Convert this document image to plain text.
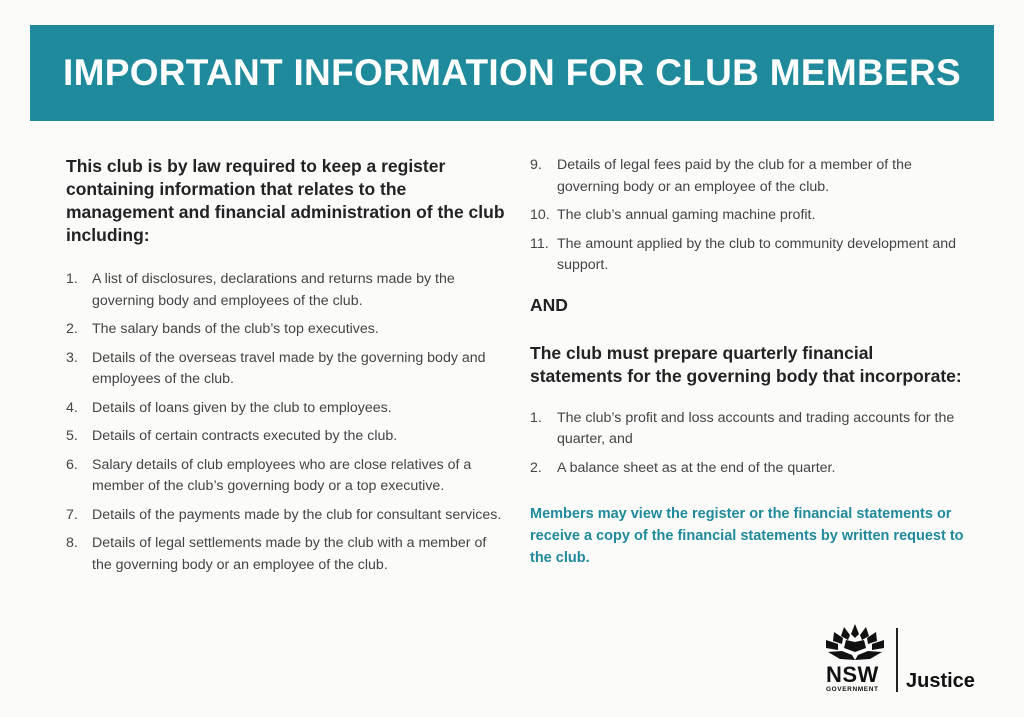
IMPORTANT INFORMATION FOR CLUB MEMBERS

This club is by law required to keep a register containing information that relates to the management and financial administration of the club including:

1. A list of disclosures, declarations and returns made by the governing body and employees of the club.
2. The salary bands of the club’s top executives.
3. Details of the overseas travel made by the governing body and employees of the club.
4. Details of loans given by the club to employees.
5. Details of certain contracts executed by the club.
6. Salary details of club employees who are close relatives of a member of the club’s governing body or a top executive.
7. Details of the payments made by the club for consultant services.
8. Details of legal settlements made by the club with a member of the governing body or an employee of the club.
9. Details of legal fees paid by the club for a member of the governing body or an employee of the club.
10. The club’s annual gaming machine profit.
11. The amount applied by the club to community development and support.
AND

The club must prepare quarterly financial statements for the governing body that incorporate:

1. The club’s profit and loss accounts and trading accounts for the quarter, and
2. A balance sheet as at the end of the quarter.

Members may view the register or the financial statements or receive a copy of the financial statements by written request to the club.

NSW
GOVERNMENT Justice
